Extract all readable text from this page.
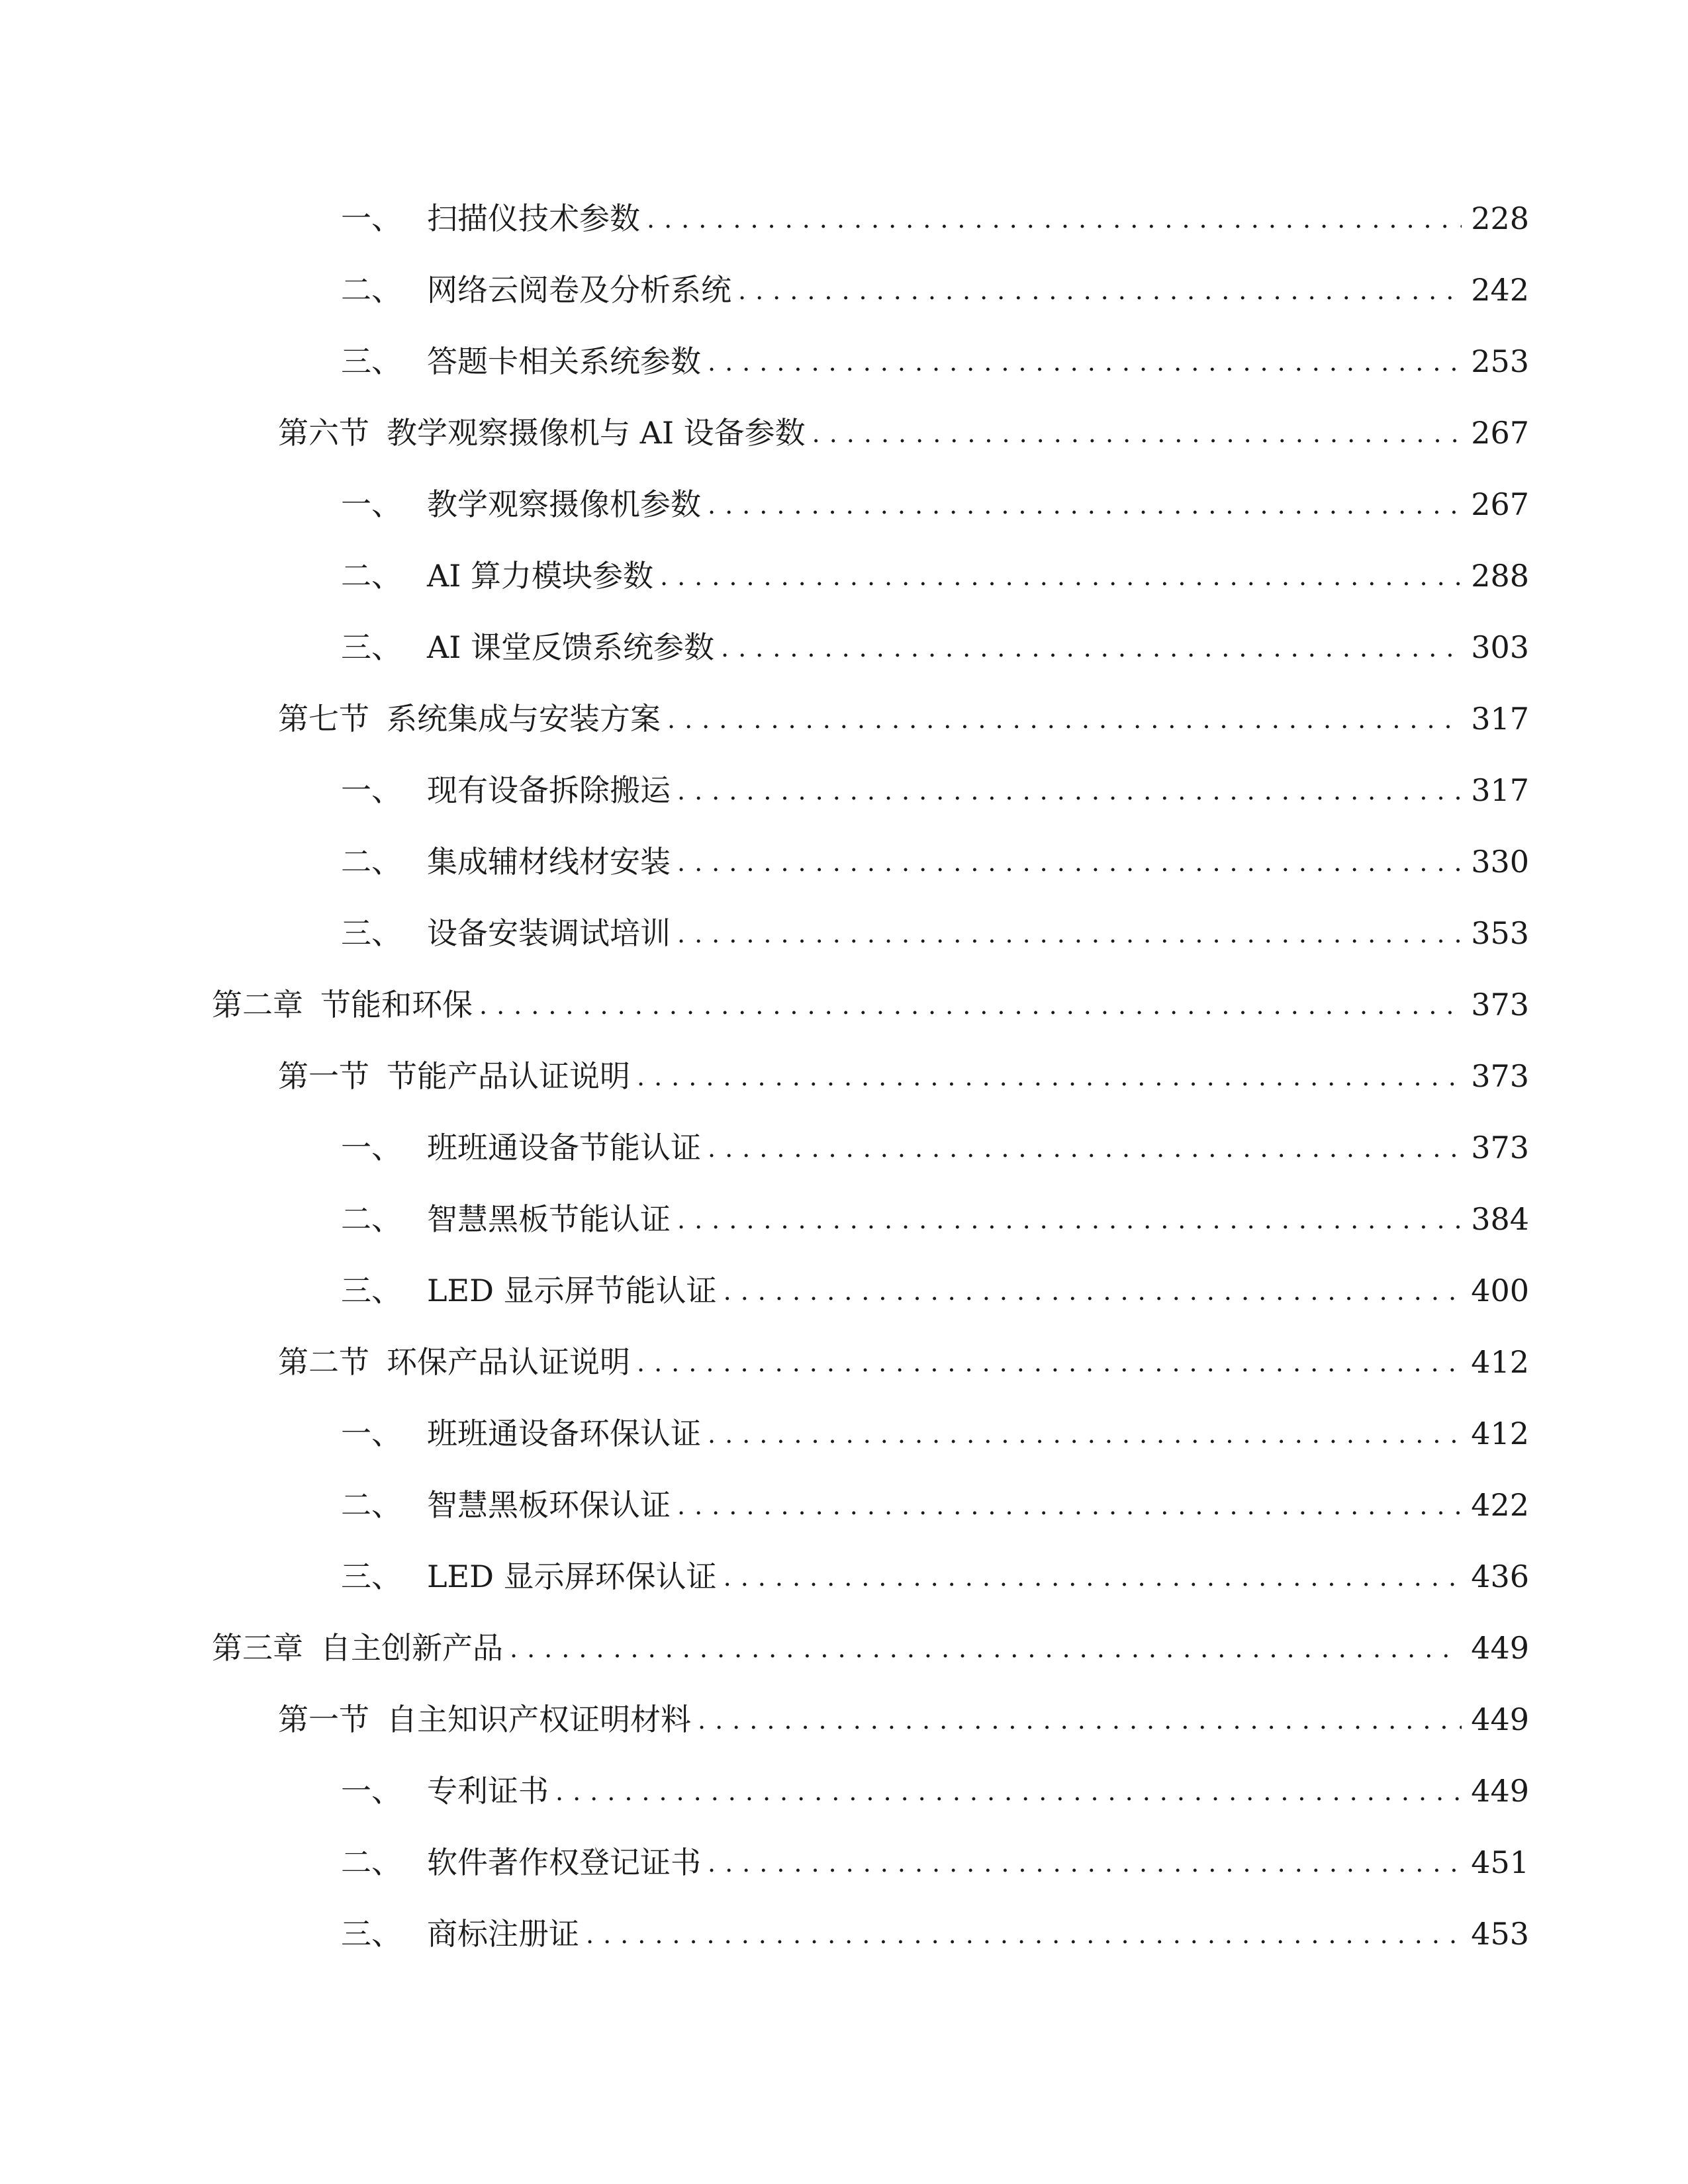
一、 扫描仪技术参数 .....	228
二、 网络云阅卷及分析系统 .....	242
三、 答题卡相关系统参数 .....	253
第六节 教学观察摄像机与 AI 设备参数 .....	267
一、 教学观察摄像机参数 .....	267
二、 AI 算力模块参数 .....	288
三、 AI 课堂反馈系统参数 .....	303
第七节 系统集成与安装方案 .....	317
一、 现有设备拆除搬运 .....	317
二、 集成辅材线材安装 .....	330
三、 设备安装调试培训 .....	353
第二章 节能和环保 .....	373
第一节 节能产品认证说明 .....	373
一、 班班通设备节能认证 .....	373
二、 智慧黑板节能认证 .....	384
三、 LED 显示屏节能认证 .....	400
第二节 环保产品认证说明 .....	412
一、 班班通设备环保认证 .....	412
二、 智慧黑板环保认证 .....	422
三、 LED 显示屏环保认证 .....	436
第三章 自主创新产品 .....	449
第一节 自主知识产权证明材料 .....	449
一、 专利证书 .....	449
二、 软件著作权登记证书 .....	451
三、 商标注册证 .....	453
